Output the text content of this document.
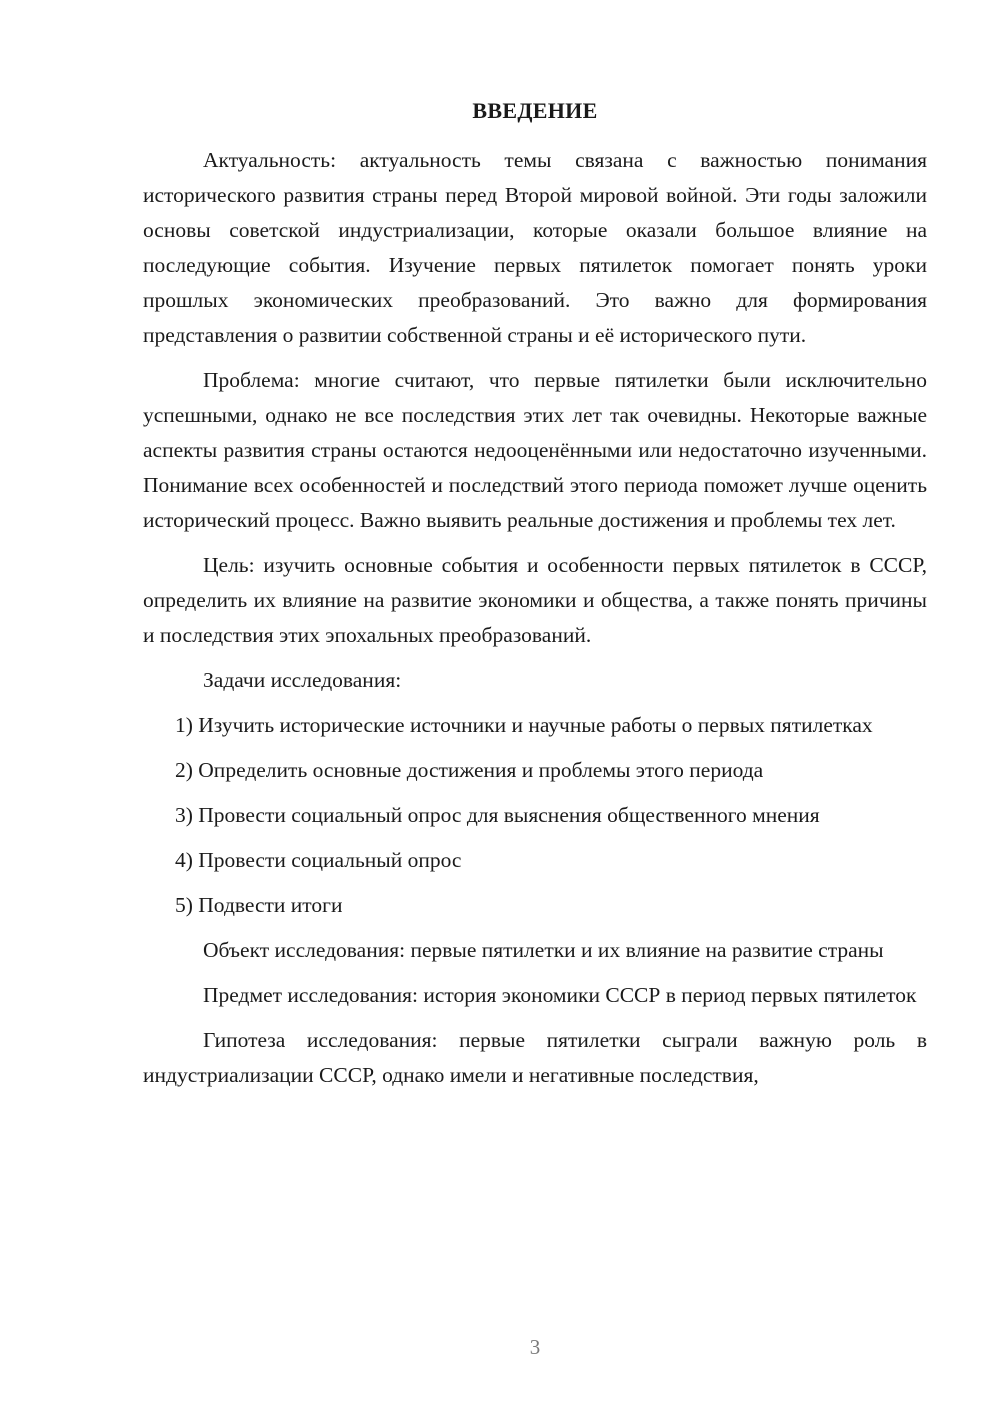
ВВЕДЕНИЕ

Актуальность: актуальность темы связана с важностью понимания исторического развития страны перед Второй мировой войной. Эти годы заложили основы советской индустриализации, которые оказали большое влияние на последующие события. Изучение первых пятилеток помогает понять уроки прошлых экономических преобразований. Это важно для формирования представления о развитии собственной страны и её исторического пути.

Проблема: многие считают, что первые пятилетки были исключительно успешными, однако не все последствия этих лет так очевидны. Некоторые важные аспекты развития страны остаются недооценёнными или недостаточно изученными. Понимание всех особенностей и последствий этого периода поможет лучше оценить исторический процесс. Важно выявить реальные достижения и проблемы тех лет.

Цель: изучить основные события и особенности первых пятилеток в СССР, определить их влияние на развитие экономики и общества, а также понять причины и последствия этих эпохальных преобразований.

Задачи исследования:

1) Изучить исторические источники и научные работы о первых пятилетках

2) Определить основные достижения и проблемы этого периода

3) Провести социальный опрос для выяснения общественного мнения

4) Провести социальный опрос

5) Подвести итоги

Объект исследования: первые пятилетки и их влияние на развитие страны

Предмет исследования: история экономики СССР в период первых пятилеток

Гипотеза исследования: первые пятилетки сыграли важную роль в индустриализации СССР, однако имели и негативные последствия,

3
